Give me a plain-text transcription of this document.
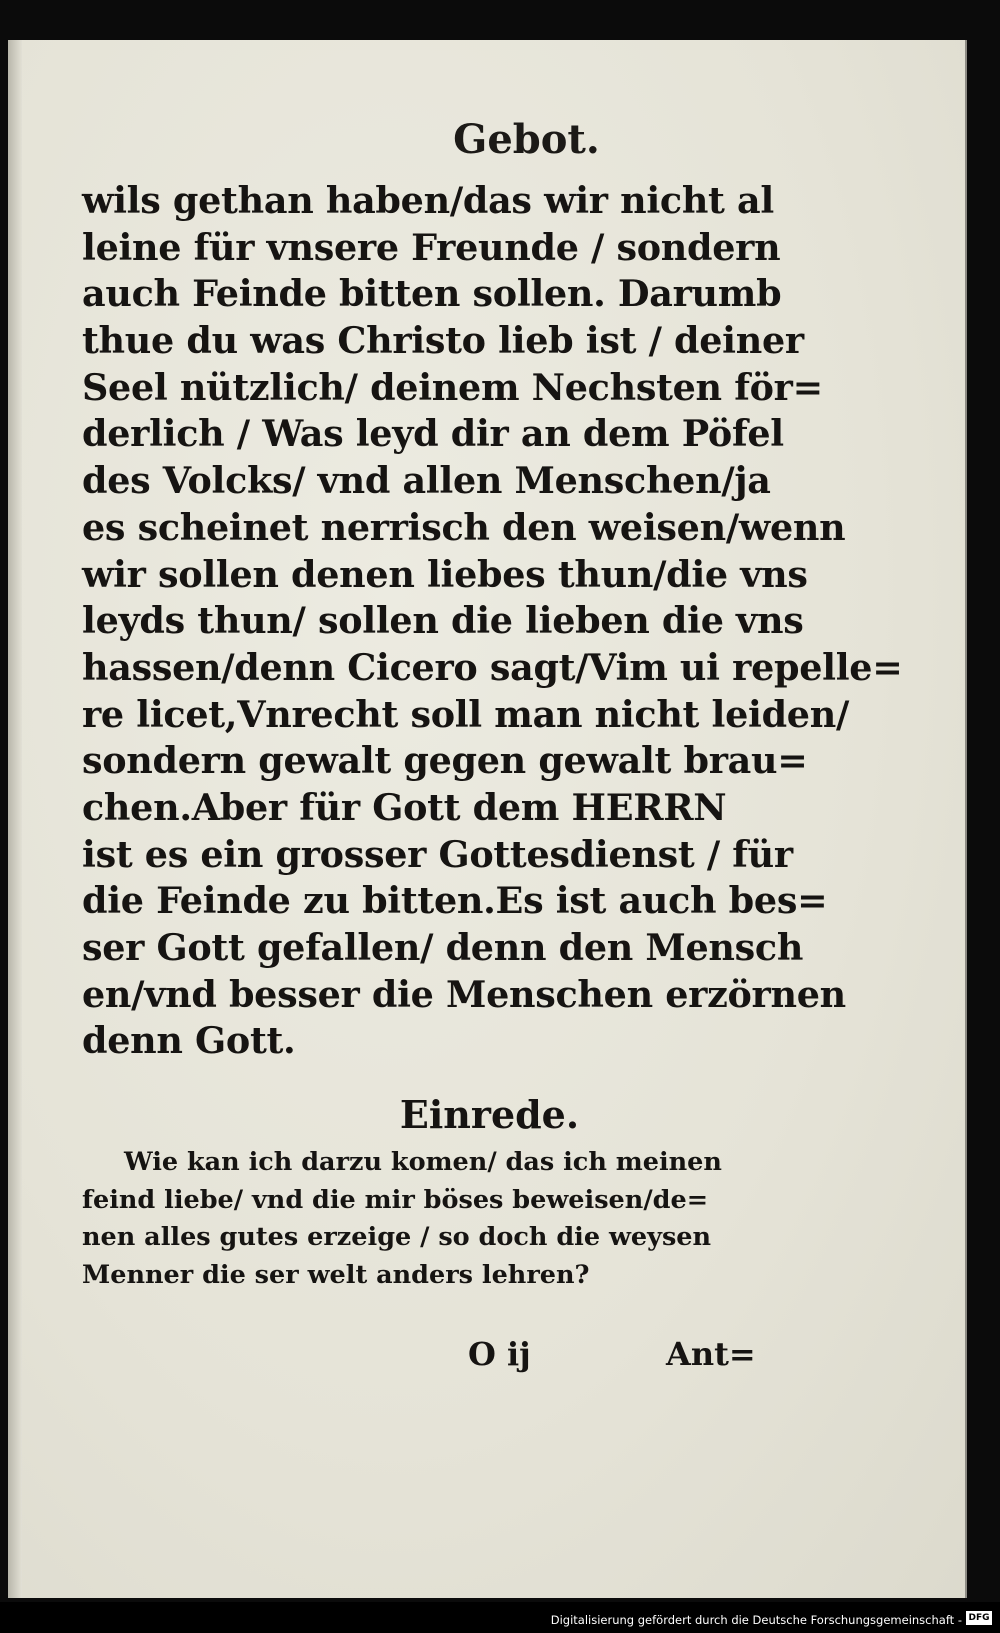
Gebot.
wils gethan haben/das wir nicht al
leine für vnsere Freunde / sondern
auch Feinde bitten sollen. Darumb
thue du was Christo lieb ist / deiner
Seel nützlich/ deinem Nechsten för=
derlich / Was leyd dir an dem Pöfel
des Volcks/ vnd allen Menschen/ja
es scheinet nerrisch den weisen/wenn
wir sollen denen liebes thun/die vns
leyds thun/ sollen die lieben die vns
hassen/denn Cicero sagt/Vim ui repelle=
re licet,Vnrecht soll man nicht leiden/
sondern gewalt gegen gewalt brau=
chen.Aber für Gott dem HERRN
ist es ein grosser Gottesdienst / für
die Feinde zu bitten.Es ist auch bes=
ser Gott gefallen/ denn den Mensch
en/vnd besser die Menschen erzörnen
denn Gott.
Einrede.
Wie kan ich darzu komen/ das ich meinen
feind liebe/ vnd die mir böses beweisen/de=
nen alles gutes erzeige / so doch die weysen
Menner die ser welt anders lehren?
O ij	Ant=
Digitalisierung gefördert durch die Deutsche Forschungsgemeinschaft - DFG
